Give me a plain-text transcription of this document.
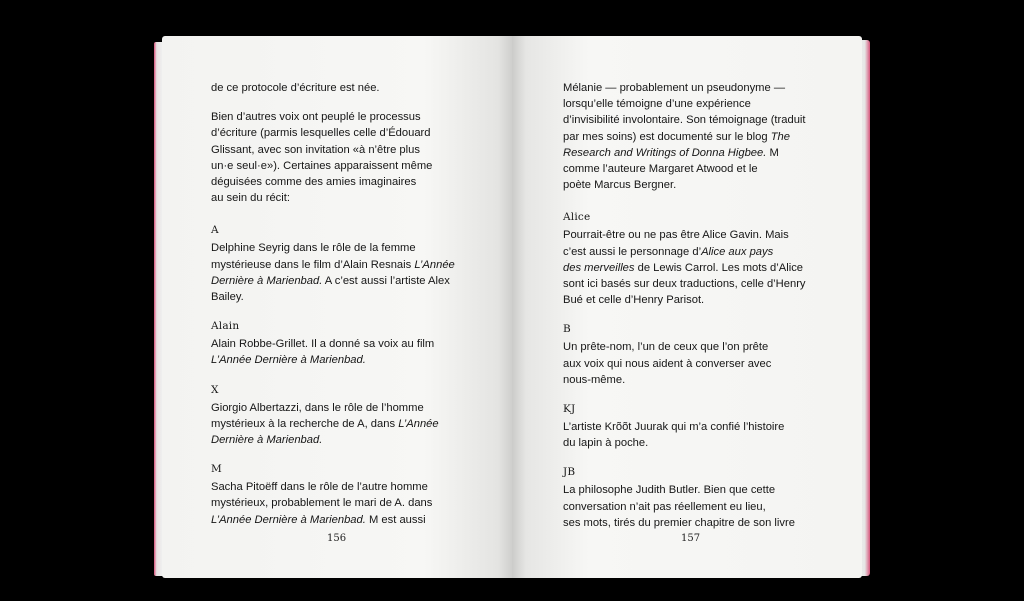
de ce protocole d’écriture est née.

Bien d’autres voix ont peuplé le processus

d’écriture (parmis lesquelles celle d’Édouard

Glissant, avec son invitation «à n’être plus

un·e seul·e»). Certaines apparaissent même

déguisées comme des amies imaginaires

au sein du récit:

A

Delphine Seyrig dans le rôle de la femme

mystérieuse dans le film d’Alain Resnais L’Année

Dernière à Marienbad. A c’est aussi l’artiste Alex

Bailey.

Alain

Alain Robbe-Grillet. Il a donné sa voix au film

L’Année Dernière à Marienbad.

X

Giorgio Albertazzi, dans le rôle de l’homme

mystérieux à la recherche de A, dans L’Année

Dernière à Marienbad.

M

Sacha Pitoëff dans le rôle de l’autre homme

mystérieux, probablement le mari de A. dans

L’Année Dernière à Marienbad. M est aussi

156

Mélanie — probablement un pseudonyme —

lorsqu’elle témoigne d’une expérience

d’invisibilité involontaire. Son témoignage (traduit

par mes soins) est documenté sur le blog The

Research and Writings of Donna Higbee. M

comme l’auteure Margaret Atwood et le

poète Marcus Bergner.

Alice

Pourrait-être ou ne pas être Alice Gavin. Mais

c’est aussi le personnage d’Alice aux pays

des merveilles de Lewis Carrol. Les mots d’Alice

sont ici basés sur deux traductions, celle d’Henry

Bué et celle d’Henry Parisot.

B

Un prête-nom, l’un de ceux que l’on prête

aux voix qui nous aident à converser avec

nous-même.

KJ

L’artiste Krõõt Juurak qui m’a confié l’histoire

du lapin à poche.

JB

La philosophe Judith Butler. Bien que cette

conversation n’ait pas réellement eu lieu,

ses mots, tirés du premier chapitre de son livre

157
